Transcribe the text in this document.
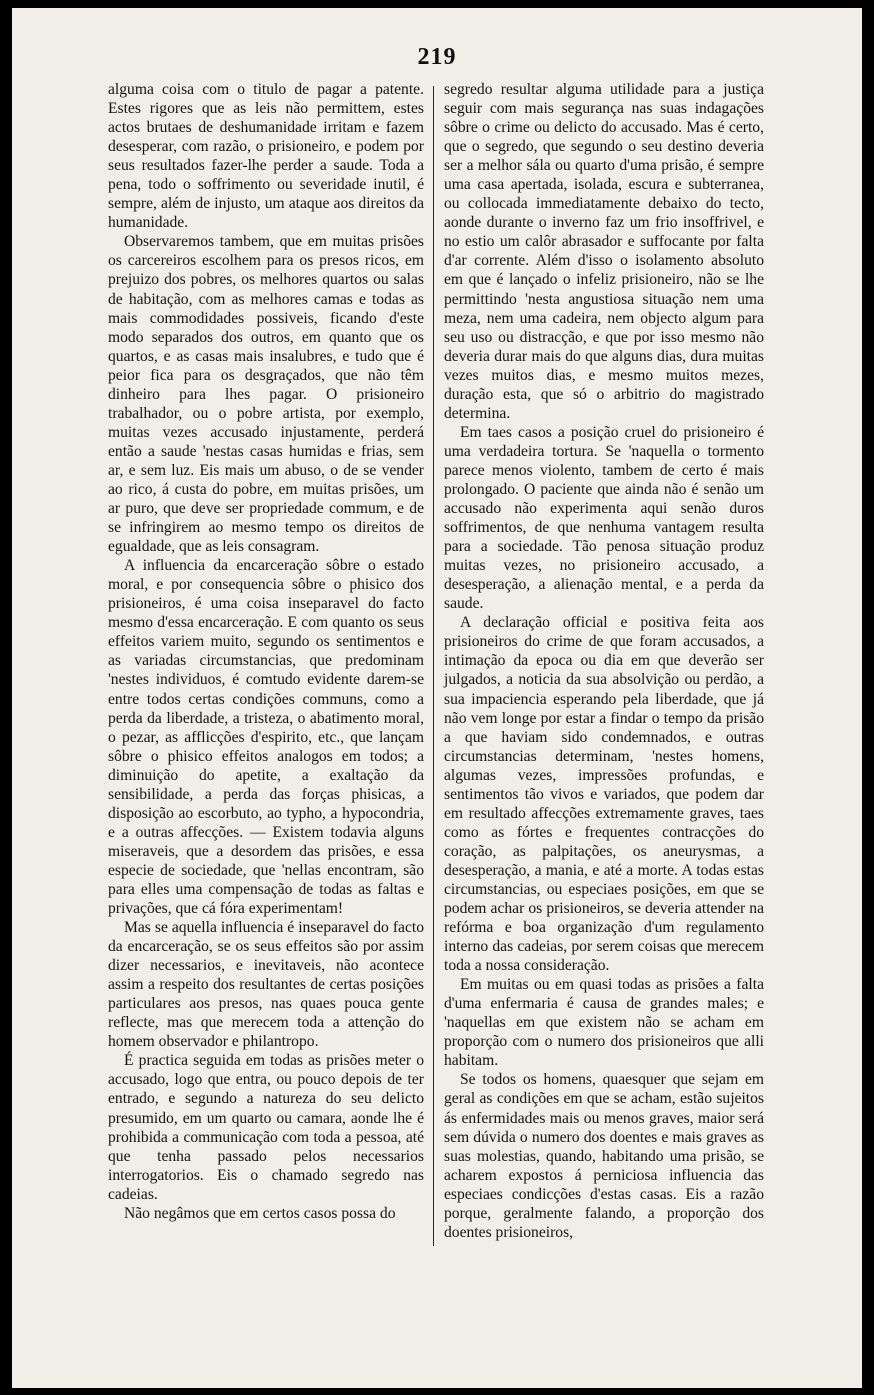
219

alguma coisa com o titulo de pagar a patente. Estes rigores que as leis não permittem, estes actos brutaes de deshumanidade irritam e fazem desesperar, com razão, o prisioneiro, e podem por seus resultados fazer-lhe perder a saude. Toda a pena, todo o soffrimento ou severidade inutil, é sempre, além de injusto, um ataque aos direitos da humanidade.

Observaremos tambem, que em muitas prisões os carcereiros escolhem para os presos ricos, em prejuizo dos pobres, os melhores quartos ou salas de habitação, com as melhores camas e todas as mais commodidades possiveis, ficando d'este modo separados dos outros, em quanto que os quartos, e as casas mais insalubres, e tudo que é peior fica para os desgraçados, que não têm dinheiro para lhes pagar. O prisioneiro trabalhador, ou o pobre artista, por exemplo, muitas vezes accusado injustamente, perderá então a saude 'nestas casas humidas e frias, sem ar, e sem luz. Eis mais um abuso, o de se vender ao rico, á custa do pobre, em muitas prisões, um ar puro, que deve ser propriedade commum, e de se infringirem ao mesmo tempo os direitos de egualdade, que as leis consagram.

A influencia da encarceração sôbre o estado moral, e por consequencia sôbre o phisico dos prisioneiros, é uma coisa inseparavel do facto mesmo d'essa encarceração. E com quanto os seus effeitos variem muito, segundo os sentimentos e as variadas circumstancias, que predominam 'nestes individuos, é comtudo evidente darem-se entre todos certas condições communs, como a perda da liberdade, a tristeza, o abatimento moral, o pezar, as afflicções d'espirito, etc., que lançam sôbre o phisico effeitos analogos em todos; a diminuição do apetite, a exaltação da sensibilidade, a perda das forças phisicas, a disposição ao escorbuto, ao typho, a hypocondria, e a outras affecções. — Existem todavia alguns miseraveis, que a desordem das prisões, e essa especie de sociedade, que 'nellas encontram, são para elles uma compensação de todas as faltas e privações, que cá fóra experimentam!

Mas se aquella influencia é inseparavel do facto da encarceração, se os seus effeitos são por assim dizer necessarios, e inevitaveis, não acontece assim a respeito dos resultantes de certas posições particulares aos presos, nas quaes pouca gente reflecte, mas que merecem toda a attenção do homem observador e philantropo.

É practica seguida em todas as prisões meter o accusado, logo que entra, ou pouco depois de ter entrado, e segundo a natureza do seu delicto presumido, em um quarto ou camara, aonde lhe é prohibida a communicação com toda a pessoa, até que tenha passado pelos necessarios interrogatorios. Eis o chamado segredo nas cadeias.

Não negâmos que em certos casos possa do

segredo resultar alguma utilidade para a justiça seguir com mais segurança nas suas indagações sôbre o crime ou delicto do accusado. Mas é certo, que o segredo, que segundo o seu destino deveria ser a melhor sála ou quarto d'uma prisão, é sempre uma casa apertada, isolada, escura e subterranea, ou collocada immediatamente debaixo do tecto, aonde durante o inverno faz um frio insoffrivel, e no estio um calôr abrasador e suffocante por falta d'ar corrente. Além d'isso o isolamento absoluto em que é lançado o infeliz prisioneiro, não se lhe permittindo 'nesta angustiosa situação nem uma meza, nem uma cadeira, nem objecto algum para seu uso ou distracção, e que por isso mesmo não deveria durar mais do que alguns dias, dura muitas vezes muitos dias, e mesmo muitos mezes, duração esta, que só o arbitrio do magistrado determina.

Em taes casos a posição cruel do prisioneiro é uma verdadeira tortura. Se 'naquella o tormento parece menos violento, tambem de certo é mais prolongado. O paciente que ainda não é senão um accusado não experimenta aqui senão duros soffrimentos, de que nenhuma vantagem resulta para a sociedade. Tão penosa situação produz muitas vezes, no prisioneiro accusado, a desesperação, a alienação mental, e a perda da saude.

A declaração official e positiva feita aos prisioneiros do crime de que foram accusados, a intimação da epoca ou dia em que deverão ser julgados, a noticia da sua absolvição ou perdão, a sua impaciencia esperando pela liberdade, que já não vem longe por estar a findar o tempo da prisão a que haviam sido condemnados, e outras circumstancias determinam, 'nestes homens, algumas vezes, impressões profundas, e sentimentos tão vivos e variados, que podem dar em resultado affecções extremamente graves, taes como as fórtes e frequentes contracções do coração, as palpitações, os aneurysmas, a desesperação, a mania, e até a morte. A todas estas circumstancias, ou especiaes posições, em que se podem achar os prisioneiros, se deveria attender na refórma e boa organização d'um regulamento interno das cadeias, por serem coisas que merecem toda a nossa consideração.

Em muitas ou em quasi todas as prisões a falta d'uma enfermaria é causa de grandes males; e 'naquellas em que existem não se acham em proporção com o numero dos prisioneiros que alli habitam.

Se todos os homens, quaesquer que sejam em geral as condições em que se acham, estão sujeitos ás enfermidades mais ou menos graves, maior será sem dúvida o numero dos doentes e mais graves as suas molestias, quando, habitando uma prisão, se acharem expostos á perniciosa influencia das especiaes condicções d'estas casas. Eis a razão porque, geralmente falando, a proporção dos doentes prisioneiros,
